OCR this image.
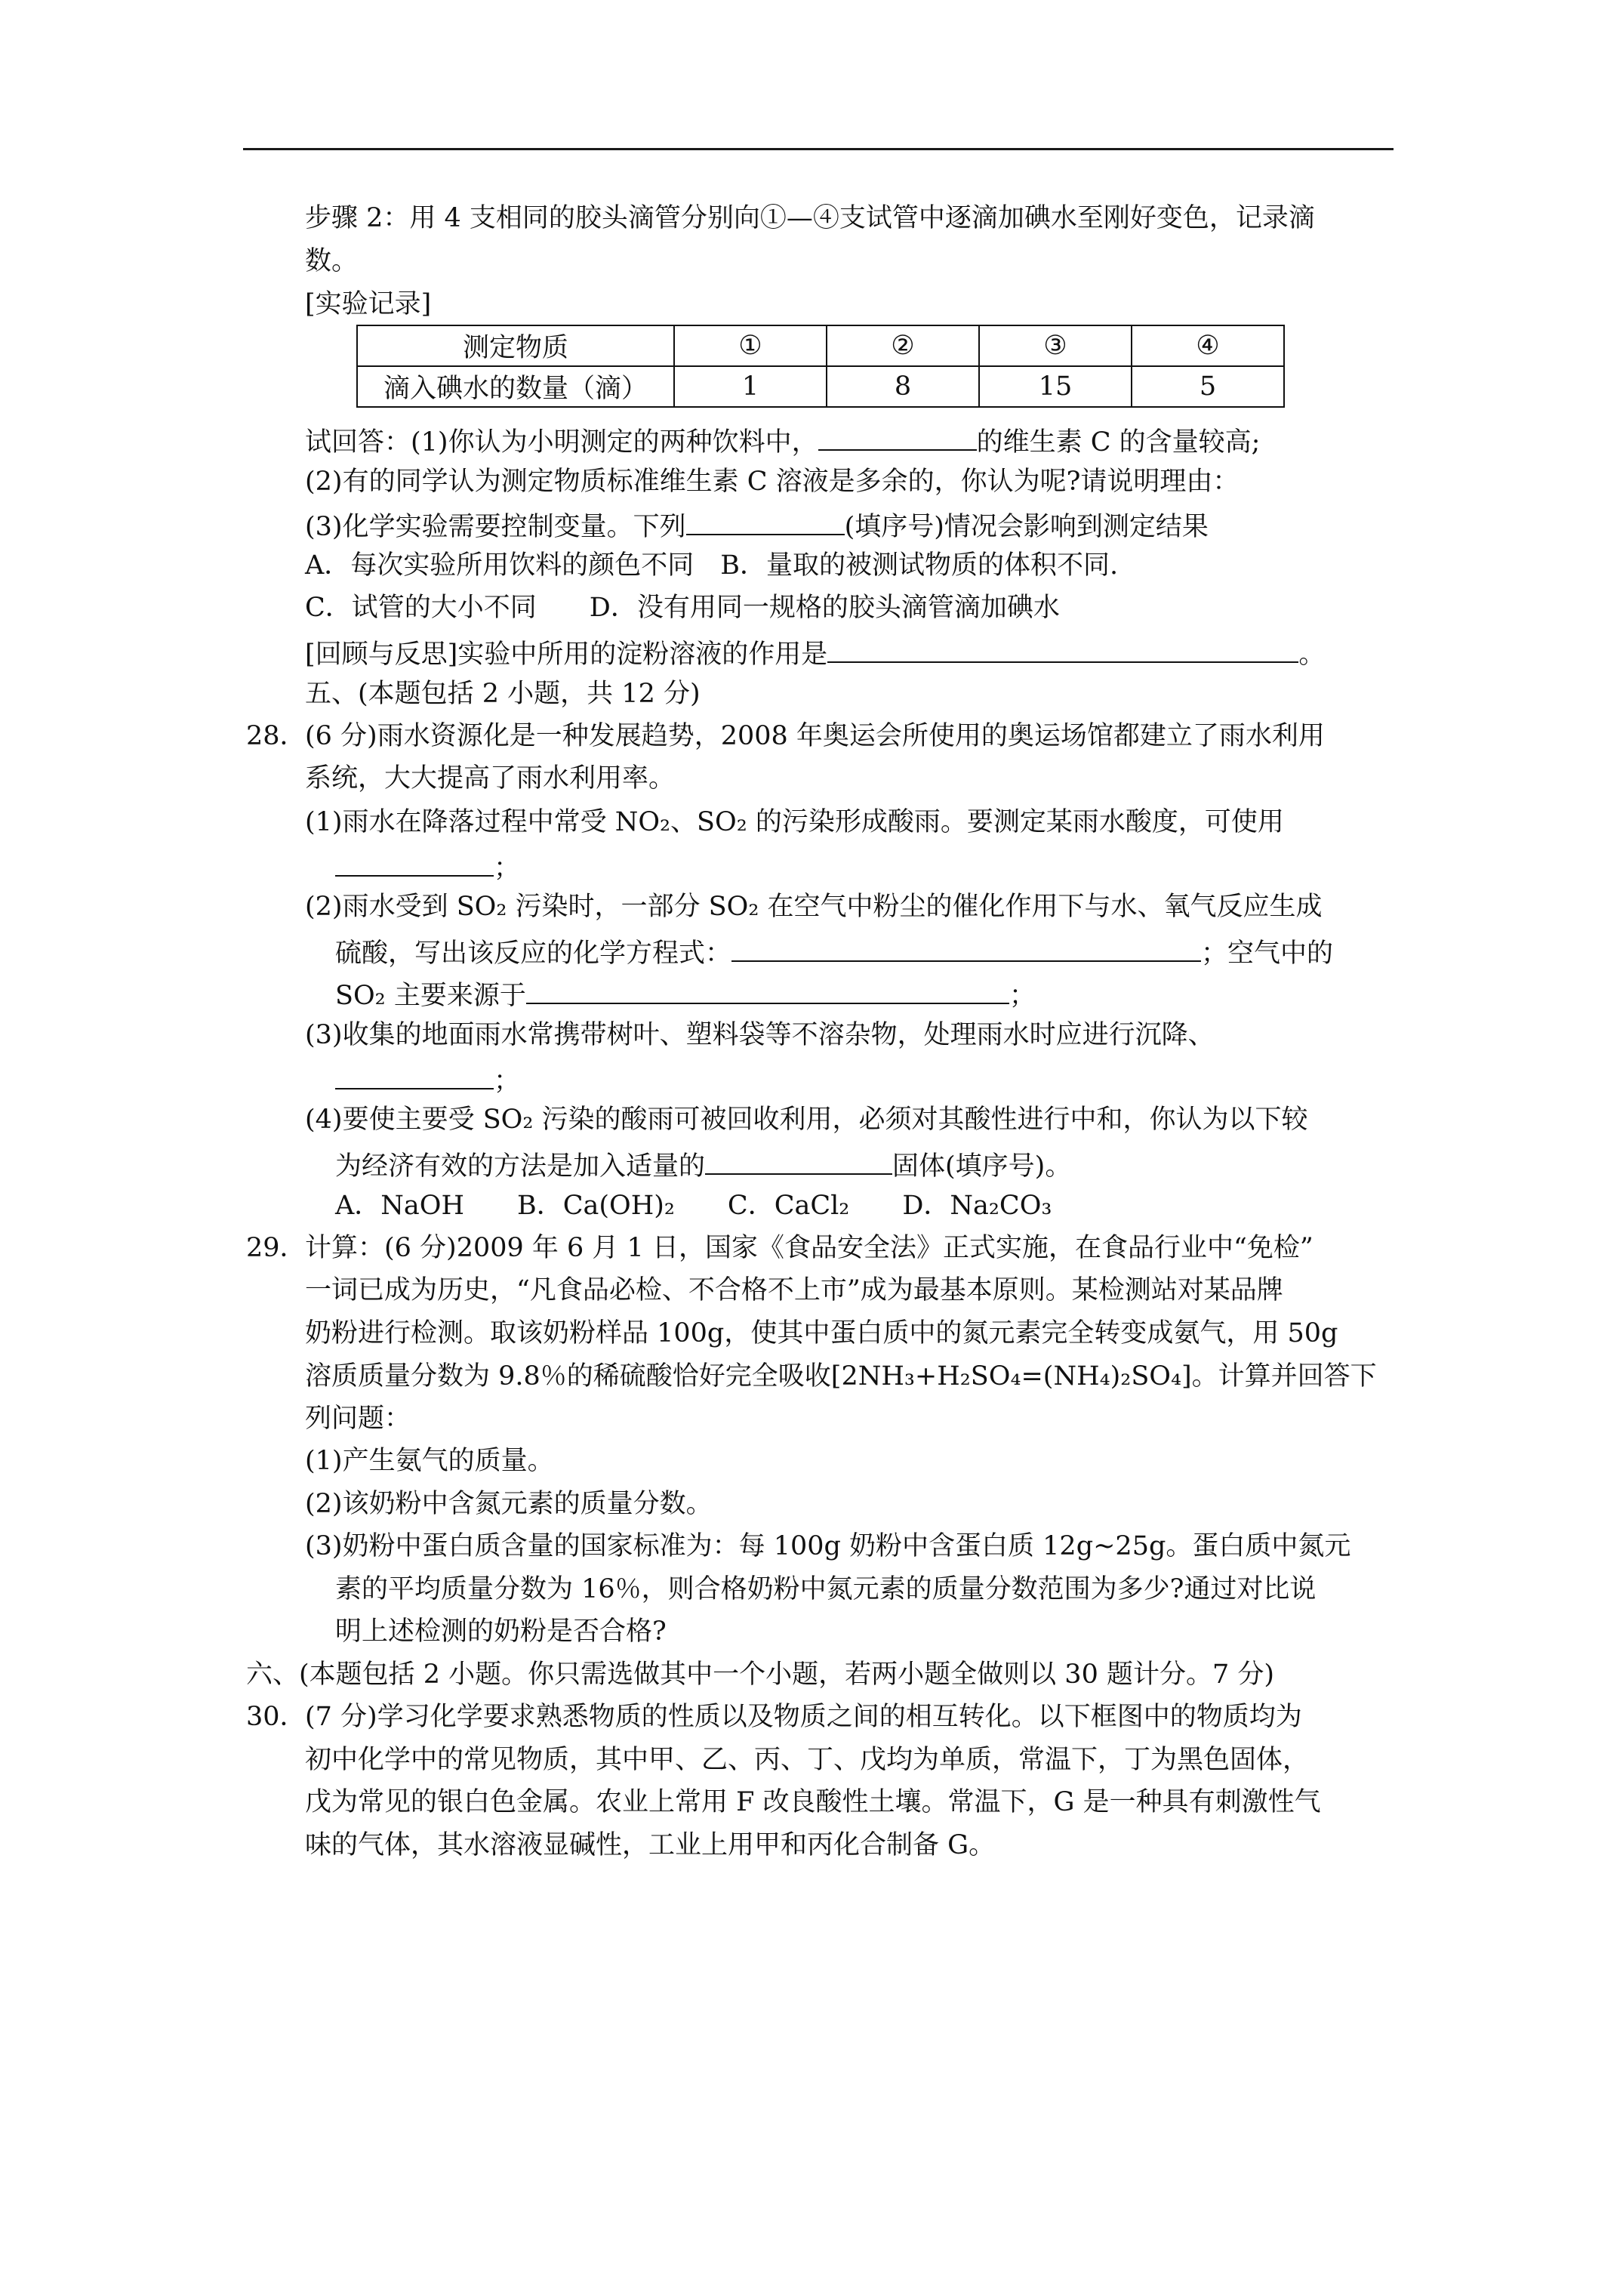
步骤 2：用 4 支相同的胶头滴管分别向①—④支试管中逐滴加碘水至刚好变色，记录滴
数。
[实验记录]
测定物质	①	②	③	④
滴入碘水的数量（滴）	1	8	15	5
试回答：(1)你认为小明测定的两种饮料中，	的维生素 C 的含量较高;
(2)有的同学认为测定物质标准维生素 C 溶液是多余的，你认为呢?请说明理由：
(3)化学实验需要控制变量。下列	(填序号)情况会影响到测定结果
A．每次实验所用饮料的颜色不同　B．量取的被测试物质的体积不同.
C．试管的大小不同　　D．没有用同一规格的胶头滴管滴加碘水
[回顾与反思]实验中所用的淀粉溶液的作用是	。
五、(本题包括 2 小题，共 12 分)
28．
(6 分)雨水资源化是一种发展趋势，2008 年奥运会所使用的奥运场馆都建立了雨水利用
系统，大大提高了雨水利用率。
(1)雨水在降落过程中常受 NO₂、SO₂ 的污染形成酸雨。要测定某雨水酸度，可使用
；
(2)雨水受到 SO₂ 污染时，一部分 SO₂ 在空气中粉尘的催化作用下与水、氧气反应生成
硫酸，写出该反应的化学方程式：	；空气中的
SO₂ 主要来源于	；
(3)收集的地面雨水常携带树叶、塑料袋等不溶杂物，处理雨水时应进行沉降、
；
(4)要使主要受 SO₂ 污染的酸雨可被回收利用，必须对其酸性进行中和，你认为以下较
为经济有效的方法是加入适量的	固体(填序号)。
A．NaOH　　B．Ca(OH)₂　　C．CaCl₂　　D．Na₂CO₃
29．
计算：(6 分)2009 年 6 月 1 日，国家《食品安全法》正式实施，在食品行业中“免检”
一词已成为历史，“凡食品必检、不合格不上市”成为最基本原则。某检测站对某品牌
奶粉进行检测。取该奶粉样品 100g，使其中蛋白质中的氮元素完全转变成氨气，用 50g
溶质质量分数为 9.8％的稀硫酸恰好完全吸收[2NH₃+H₂SO₄=(NH₄)₂SO₄]。计算并回答下
列问题：
(1)产生氨气的质量。
(2)该奶粉中含氮元素的质量分数。
(3)奶粉中蛋白质含量的国家标准为：每 100g 奶粉中含蛋白质 12g~25g。蛋白质中氮元
素的平均质量分数为 16％，则合格奶粉中氮元素的质量分数范围为多少?通过对比说
明上述检测的奶粉是否合格?
六、(本题包括 2 小题。你只需选做其中一个小题，若两小题全做则以 30 题计分。7 分)
30．
(7 分)学习化学要求熟悉物质的性质以及物质之间的相互转化。以下框图中的物质均为
初中化学中的常见物质，其中甲、乙、丙、丁、戊均为单质，常温下，丁为黑色固体，
戊为常见的银白色金属。农业上常用 F 改良酸性土壤。常温下，G 是一种具有刺激性气
味的气体，其水溶液显碱性，工业上用甲和丙化合制备 G。
